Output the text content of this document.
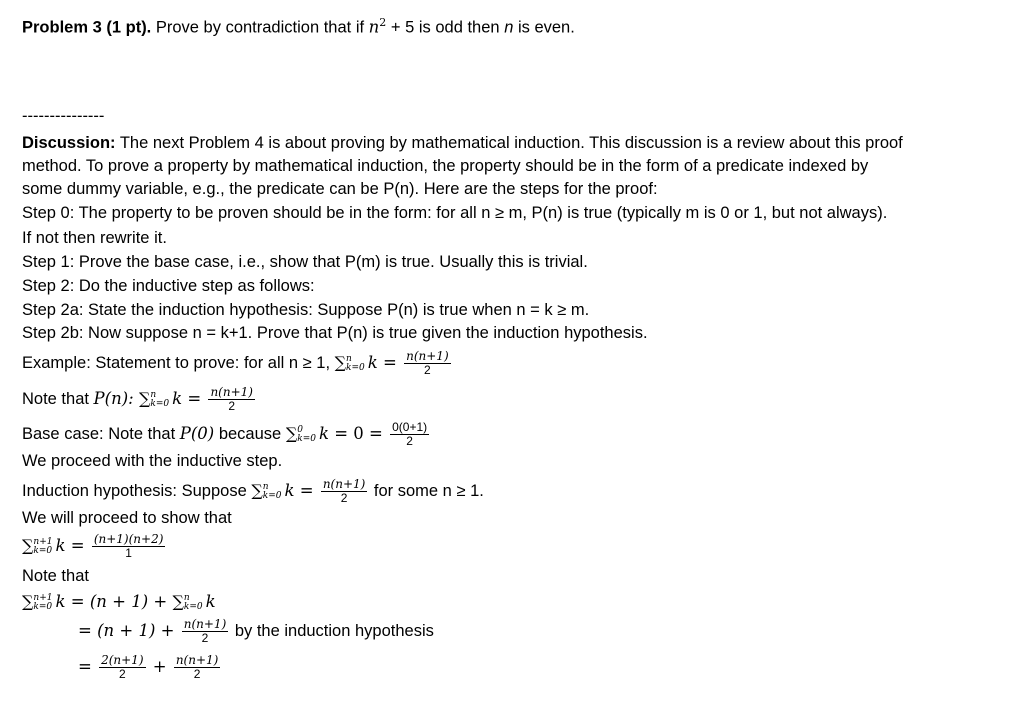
Problem 3 (1 pt). Prove by contradiction that if $n^2 + 5$ is odd then n is even.
---------------
Discussion: The next Problem 4 is about proving by mathematical induction. This discussion is a review about this proof
method. To prove a property by mathematical induction, the property should be in the form of a predicate indexed by
some dummy variable, e.g., the predicate can be P(n). Here are the steps for the proof:
Step 0: The property to be proven should be in the form: for all n ≥ m, P(n) is true (typically m is 0 or 1, but not always).
If not then rewrite it.
Step 1: Prove the base case, i.e., show that P(m) is true. Usually this is trivial.
Step 2: Do the inductive step as follows:
Step 2a: State the induction hypothesis: Suppose P(n) is true when n = k ≥ m.
Step 2b: Now suppose n = k+1. Prove that P(n) is true given the induction hypothesis.
Example: Statement to prove: for all n ≥ 1, ∑ n
k=0 $k = \frac{n(n+1)}{2}$
Note that P(n): ∑ n
k=0 $k = \frac{n(n+1)}{2}$
Base case: Note that P(0) because ∑ 0
k=0 $k = 0 = \frac{0(0+1)}{2}$
We proceed with the inductive step.
Induction hypothesis: Suppose ∑ n
k=0 $k = \frac{n(n+1)}{2}$ for some n ≥ 1.
We will proceed to show that
∑ n+1
k=0 $k = \frac{(n+1)(n+2)}{1}$
Note that
∑ n+1
k=0 k = (n + 1) + ∑ n
k=0 k
= $(n + 1) + \frac{n(n+1)}{2}$ by the induction hypothesis
= $\frac{2(n+1)}{2} + \frac{n(n+1)}{2}$
